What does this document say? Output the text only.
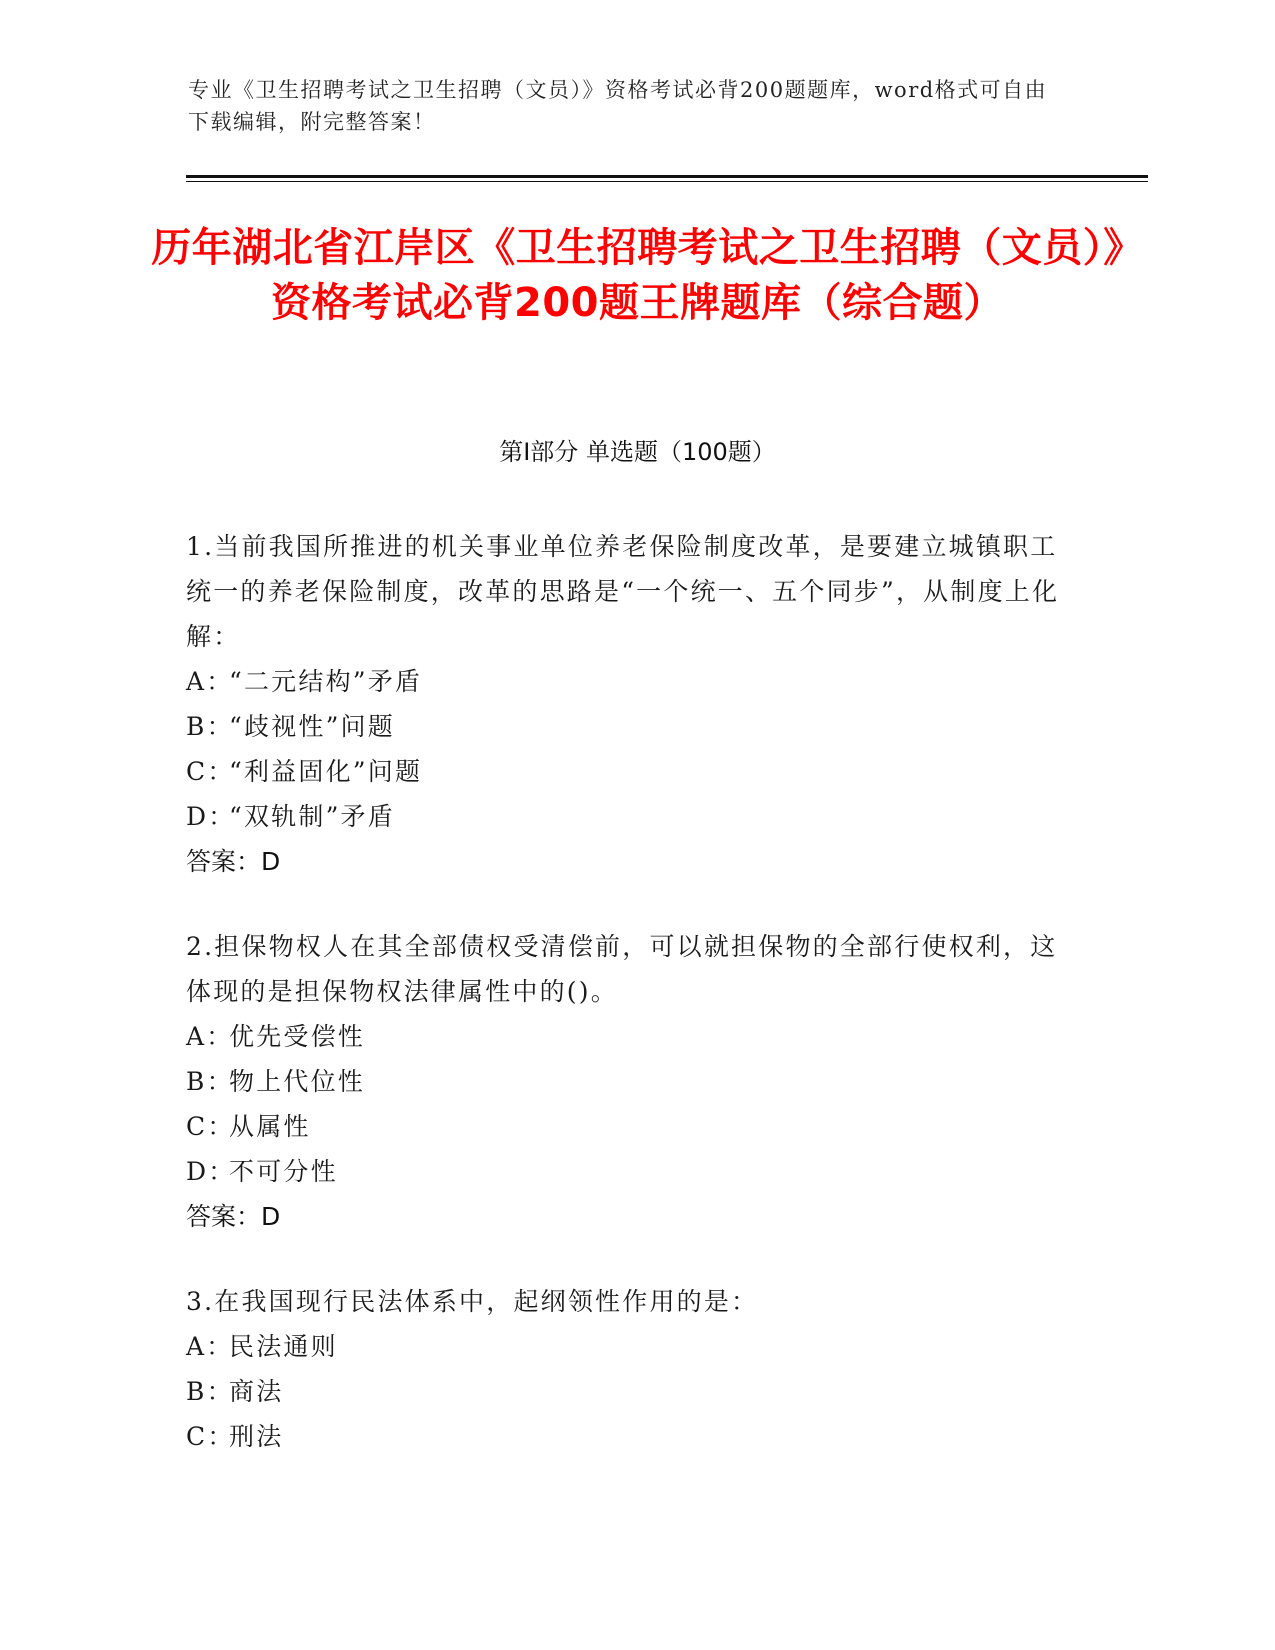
专业《卫生招聘考试之卫生招聘（文员）》资格考试必背200题题库，word格式可自由下载编辑，附完整答案！
历年湖北省江岸区《卫生招聘考试之卫生招聘（文员）》资格考试必背200题王牌题库（综合题）
第I部分 单选题（100题）

1.当前我国所推进的机关事业单位养老保险制度改革，是要建立城镇职工统一的养老保险制度，改革的思路是“一个统一、五个同步”，从制度上化解：

A：“二元结构”矛盾

B：“歧视性”问题

C：“利益固化”问题

D：“双轨制”矛盾

答案：D

2.担保物权人在其全部债权受清偿前，可以就担保物的全部行使权利，这体现的是担保物权法律属性中的()。

A：优先受偿性

B：物上代位性

C：从属性

D：不可分性

答案：D

3.在我国现行民法体系中，起纲领性作用的是：

A：民法通则

B：商法

C：刑法
